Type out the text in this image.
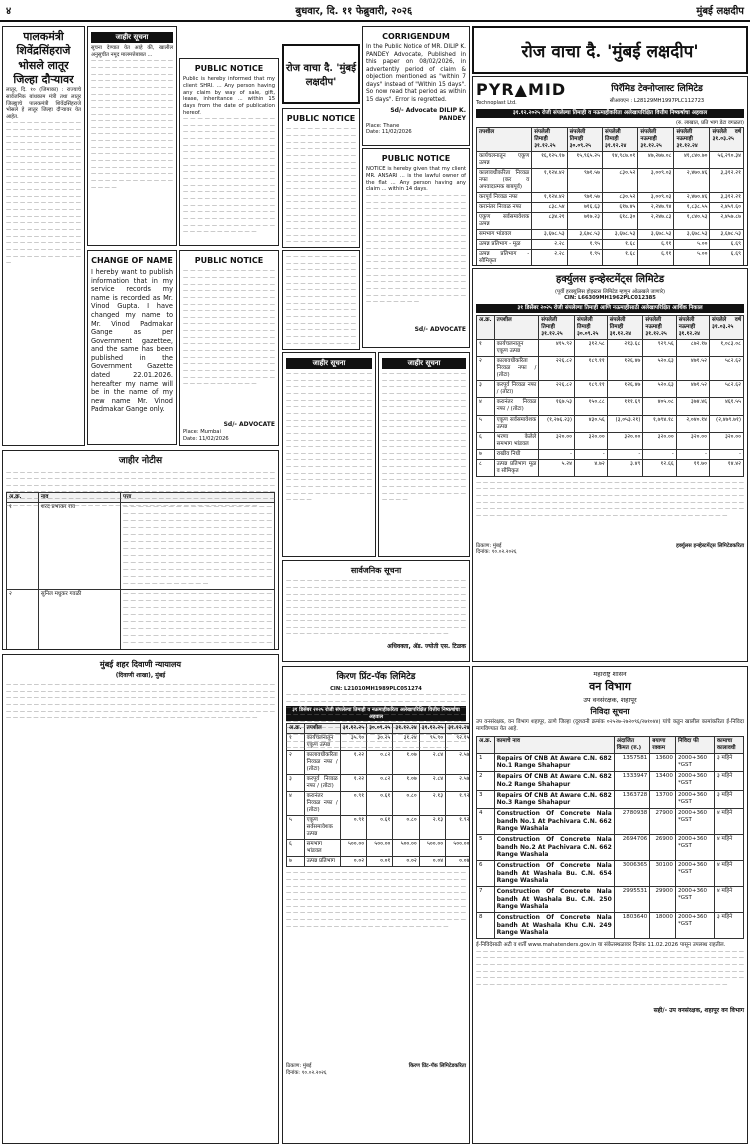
४	बुधवार, दि. ११ फेब्रुवारी, २०२६	मुंबई लक्षदीप
पालकमंत्री शिवेंद्रसिंहराजे भोसले लातूर जिल्हा दौऱ्यावर
लातूर, दि. १० (जिमाका) : राज्याचे सार्वजनिक बांधकाम मंत्री तथा लातूर जिल्ह्याचे पालकमंत्री शिवेंद्रसिंहराजे भोसले हे लातूर जिल्हा दौऱ्यावर येत आहेत.
— — —
जाहीर सूचना
सूचना देण्यात येत आहे की, खालील अनुसूचीत नमूद मालमत्तेबाबत ...
— — —
PUBLIC NOTICE
Public is hereby informed that my client SHRI. ... Any person having any claim by way of sale, gift, lease, inheritance ... within 15 days from the date of publication hereof.
— — —
CHANGE OF NAME
I hereby want to publish information that in my service records my name is recorded as Mr. Vinod Gupta. I have changed my name to Mr. Vinod Padmakar Gange as per Government gazettee, and the same has been published in the Government Gazette dated 22.01.2026. hereafter my name will be in the name of my new name Mr. Vinod Padmakar Gange only.
PUBLIC NOTICE
— — —
Sd/- ADVOCATE
Place: Mumbai
Date: 11/02/2026
जाहीर नोटीस
— — —
अ.क्र.	नाव	पत्ता
१	शरद प्रभाकर राव	— — —
२	सुनिल मधुकर गवळी	— — —

मुंबई शहर दिवाणी न्यायालय
(दिवाणी शाखा), मुंबई
— — —
रोज वाचा दै. 'मुंबई लक्षदीप'
PUBLIC NOTICE
— — —
CORRIGENDUM
In the Public Notice of MR. DILIP K. PANDEY Advocate, Published in this paper on 08/02/2026, in advertently period of claim & objection mentioned as "within 7 days" instead of "Within 15 days". So now read that period as within 15 days". Error is regretted.
Sd/- Advocate DILIP K. PANDEY
Place: Thane
Date: 11/02/2026
PUBLIC NOTICE
NOTICE is hereby given that my client MR. ANSARI ... is the lawful owner of the flat ... Any person having any claim ... within 14 days.
— — —
Sd/- ADVOCATE
— — —
जाहीर सूचना
— — —	जाहीर सूचना
— — —
सार्वजनिक सूचना
— — —
अधिवक्ता, ॲड. ज्योती एस. टिळक
रोज वाचा दै. 'मुंबई लक्षदीप'
PYR▲MID
Technoplast Ltd.
पिरॅमिड टेक्नोप्लास्ट लिमिटेड
सीआयएन : L28129MH1997PLC112723
३१.१२.२०२५ रोजी संपलेल्या तिमाही व नऊमाहीकरिता अलेखापरिक्षित वित्तीय निष्कर्षाचा अहवाल
(रु. लाखात, प्रति भाग डेटा वगळता)
तपशील	संपलेली तिमाही ३१.१२.२५	संपलेली तिमाही ३०.०९.२५	संपलेली तिमाही ३१.१२.२४	संपलेली नऊमाही ३१.१२.२५	संपलेली नऊमाही ३१.१२.२४	संपलेले वर्ष ३१.०३.२५
कार्यचलनातून एकूण उत्पन्न	१६,१२५.१७	१५,९६५.२५	१४,९८७.०१	४७,२७७.०८	४१,८४०.७०	५६,२९०.३४
कालावधीकरिता निव्वळ नफा (कर व अपवादात्मक बाबपूर्व)	१,१२४.४२	९७१.५७	८३०.५२	३,००९.०३	२,४७०.४६	३,३१२.२१
करपूर्व निव्वळ नफा	१,१२४.४२	९७१.५७	८३०.५२	३,००९.०३	२,४७०.४६	३,३१२.२१
करानंतर निव्वळ नफा	८३८.५४	७१६.६३	६१७.४५	२,२४७.९४	१,८३८.५५	२,४५९.६०
एकूण सर्वसमावेशक उत्पन्न	८३४.२१	७१७.२३	६१८.३०	२,२४७.८३	१,८४०.५३	२,४५७.८७
समभाग भांडवल	३,६७८.५३	३,६७८.५३	३,६७८.५३	३,६७८.५३	३,६७८.५३	३,६७८.५३
उत्पन्न प्रतिभाग - मूळ	२.२८	१.९५	१.६८	६.११	५.००	६.६९
उत्पन्न प्रतिभाग - सौमिकृत	२.२८	१.९५	१.६८	६.११	५.००	६.६९
हर्क्युलस इन्व्हेस्टमेंट्स लिमिटेड
(पूर्वी हरक्युलिस होइस्टस लिमिटेड म्हणून ओळखले जाणारे)
CIN: L66309MH1962PLC012385
३१ डिसेंबर २०२५ रोजी संपलेल्या तिमाही आणि नऊमाहीसाठी अलेखापरिक्षित आर्थिक निकाल
अ.क्र.	तपशील	संपलेली तिमाही ३१.१२.२५	संपलेली तिमाही ३०.०९.२५	संपलेली तिमाही ३१.१२.२४	संपलेली नऊमाही ३१.१२.२५	संपलेली नऊमाही ३१.१२.२४	संपलेले वर्ष ३१.०३.२५
१	कार्यचलनातून एकूण उत्पन्न	४१५.९२	३१२.५८	२१३.६८	९२९.५६	८७२.१७	१,०८३.०८
२	कालावधीकरिता निव्वळ नफा / (तोटा)	२२६.८२	१८९.११	१२६.४७	५२०.६३	४७१.५२	५८२.६२
३	करपूर्व निव्वळ नफा / (तोटा)	२२६.८२	१८९.११	१२६.४७	५२०.६३	४७१.५२	५८२.६२
४	करानंतर निव्वळ नफा / (तोटा)	१६७.५३	१५०.८८	१११.६९	४०५.०८	३७४.४६	४६१.५५
५	एकूण सर्वसमावेशक उत्पन्न	(१,२७६.२३)	४३०.५६	(३,०५३.२१)	१,७९४.१८	२,०४०.१४	(२,४७९.७१)
६	भरणा केलेले समभाग भांडवल	३२०.००	३२०.००	३२०.००	३२०.००	३२०.००	३२०.००
७	राखीव निधी	-	-	-	-	-	-
८	उत्पन्न प्रतिभाग मूळ व सौमिकृत	५.२४	४.७२	३.४९	१२.६६	११.७०	१४.४२
— — —
ठिकाण: मुंबई
दिनांक: १०.०२.२०२६
हर्क्युलस इन्व्हेस्टमेंट्स लिमिटेडकरिता
किरण प्रिंट-पॅक लिमिटेड
CIN: L21010MH1989PLC051274
— — —
३१ डिसेंबर २०२५ रोजी संपलेल्या तिमाही व नऊमाहीकरिता अलेखापरिक्षित वित्तीय निष्कर्षाचा अहवाल
अ.क्र.	तपशील	३१.१२.२५	३०.०९.२५	३१.१२.२४	३१.१२.२५	३१.१२.२४	
१	कार्यचलनातून एकूण उत्पन्न	३५.९०	३०.२५	३१.२४	९५.९०	९२.१५	
२	कालावधीकरिता निव्वळ नफा / (तोटा)	१.२२	०.८२	१.०७	२.८४	२.५७	
३	करपूर्व निव्वळ नफा / (तोटा)	१.२२	०.८२	१.०७	२.८४	२.५७	
४	करानंतर निव्वळ नफा / (तोटा)	०.९१	०.६१	०.८०	२.१३	१.९२	
५	एकूण सर्वसमावेशक उत्पन्न	०.९१	०.६१	०.८०	२.१३	१.९२	
६	समभाग भांडवल	५००.००	५००.००	५००.००	५००.००	५००.००	
७	उत्पन्न प्रतिभाग	०.०२	०.०१	०.०२	०.०४	०.०४	
— — —
ठिकाण: मुंबई
दिनांक: १०.०२.२०२६
किरण प्रिंट-पॅक लिमिटेडकरिता
महाराष्ट्र शासन
वन विभाग
उप वनसंरक्षक, शहापूर
निविदा सूचना
उप वनसंरक्षक, वन विभाग शहापूर, ठाणे जिल्हा (दूरध्वनी क्रमांक ०२५२७-२७२०९६/२७१०४४) यांचे कडून खालील कामांकरिता ई-निविदा मागविण्यात येत आहे.
अ.क्र.	कामाचे नाव	अंदाजित किंमत (रु.)	बयाणा रक्कम	निविदा फी	कामाचा कालावधी
1	Repairs Of CNB At Aware C.N. 682 No.1 Range Shahapur	1357581	13600	2000+360 *GST	३ महिने
2	Repairs Of CNB At Aware C.N. 682 No.2 Range Shahapur	1333947	13400	2000+360 *GST	३ महिने
3	Repairs Of CNB At Aware C.N. 682 No.3 Range Shahapur	1363728	13700	2000+360 *GST	३ महिने
4	Construction Of Concrete Nala bandh No.1 At Pachivara C.N. 662 Range Washala	2780938	27900	2000+360 *GST	४ महिने
5	Construction Of Concrete Nala bandh No.2 At Pachivara C.N. 662 Range Washala	2694706	26900	2000+360 *GST	४ महिने
6	Construction Of Concrete Nala bandh At Washala Bu. C.N. 654 Range Washala	3006365	30100	2000+360 *GST	४ महिने
7	Construction Of Concrete Nala bandh At Washala Bu. C.N. 250 Range Washala	2995531	29900	2000+360 *GST	४ महिने
8	Construction Of Concrete Nala bandh At Washala Khu C.N. 249 Range Washala	1803640	18000	2000+360 *GST	३ महिने
ई-निविदेसाठी अटी व शर्ती www.mahatenders.gov.in या संकेतस्थळावर दिनांक 11.02.2026 पासून उपलब्ध राहतील.
— — —
सही/- उप वनसंरक्षक, शहापूर वन विभाग
